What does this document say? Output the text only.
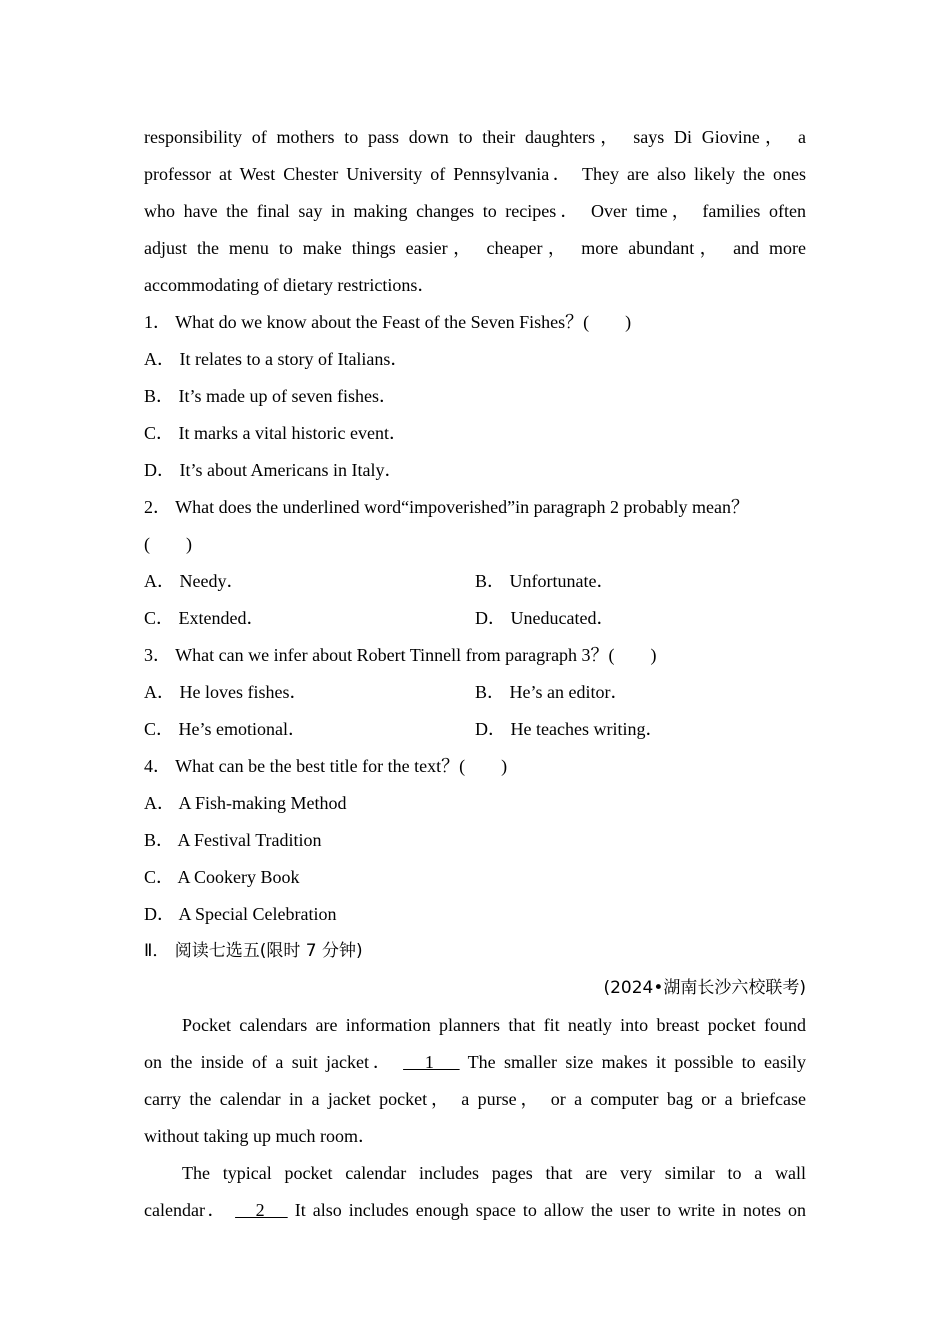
responsibility of mothers to pass down to their daughters， says Di Giovine， a
professor at West Chester University of Pennsylvania． They are also likely the ones
who have the final say in making changes to recipes． Over time， families often
adjust the menu to make things easier， cheaper， more abundant， and more
accommodating of dietary restrictions．
1． What do we know about the Feast of the Seven Fishes？(　　)
A． It relates to a story of Italians．
B． It’s made up of seven fishes．
C． It marks a vital historic event．
D． It’s about Americans in Italy．
2． What does the underlined word“impoverished”in paragraph 2 probably mean？
(　　)
A． Needy．	B． Unfortunate．
C． Extended．	D． Uneducated．
3． What can we infer about Robert Tinnell from paragraph 3？(　　)
A． He loves fishes．	B． He’s an editor．
C． He’s emotional．	D． He teaches writing．
4． What can be the best title for the text？(　　)
A． A Fish-making Method
B． A Festival Tradition
C． A Cookery Book
D． A Special Celebration
Ⅱ． 阅读七选五(限时 7 分钟)
(2024•湖南长沙六校联考)
Pocket calendars are information planners that fit neatly into breast pocket found
on the inside of a suit jacket． 　1　 The smaller size makes it possible to easily
carry the calendar in a jacket pocket， a purse， or a computer bag or a briefcase
without taking up much room．
The typical pocket calendar includes pages that are very similar to a wall
calendar． 　2　 It also includes enough space to allow the user to write in notes on
